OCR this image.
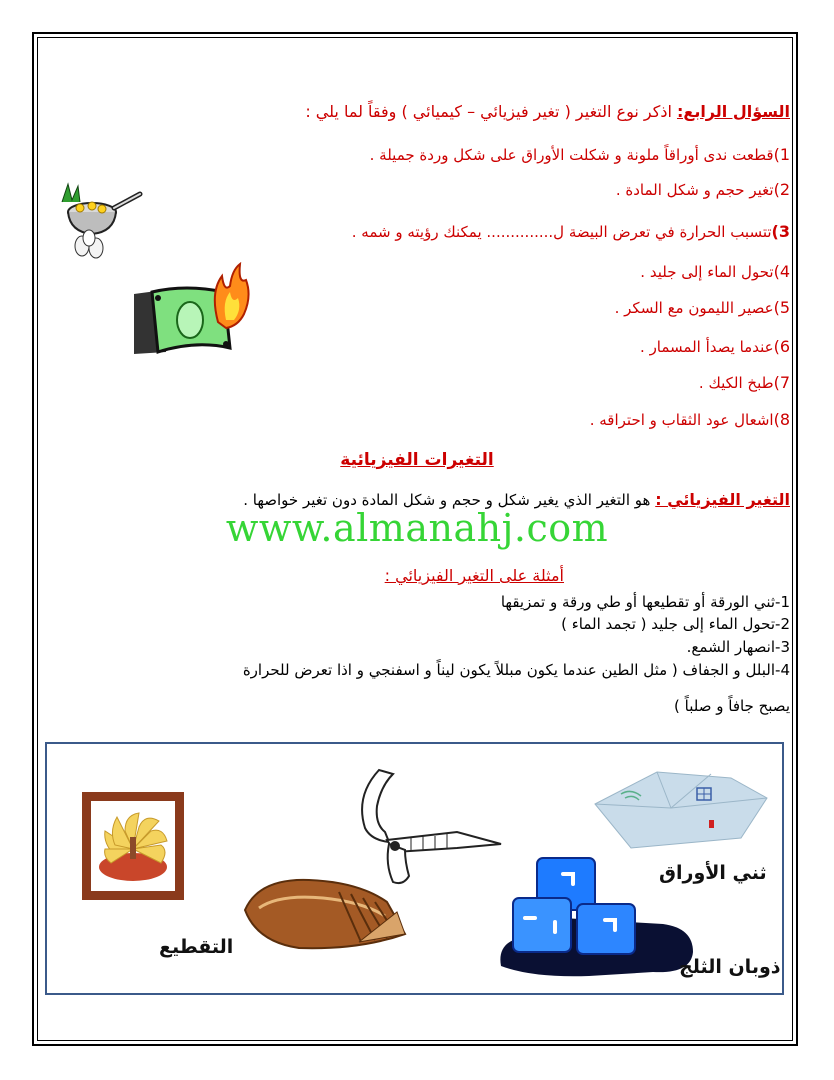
السؤال الرابع: اذكر نوع التغير ( تغير فيزيائي – كيميائي ) وفقاً لما يلي :
1)قطعت ندى أوراقاً ملونة و شكلت الأوراق على شكل وردة جميلة .
2)تغير حجم و شكل المادة .
3)تتسبب الحرارة في تعرض البيضة ل.............. يمكنك رؤيته و شمه .
4)تحول الماء إلى جليد .
5)عصير الليمون مع السكر .
6)عندما يصدأ المسمار .
7)طبخ الكيك .
8)اشعال عود الثقاب و احتراقه .
التغيرات الفيزيائية
التغير الفيزيائي : هو التغير الذي يغير شكل و حجم و شكل المادة دون تغير خواصها .
www.almanahj.com
أمثلة على التغير الفيزيائي :
1-ثني الورقة أو تقطيعها أو طي ورقة و تمزيقها
2-تحول الماء إلى جليد ( تجمد الماء )
3-انصهار الشمع.
4-البلل و الجفاف ( مثل الطين عندما يكون مبللاً يكون ليناً و اسفنجي و اذا تعرض للحرارة
يصبح جافاً و صلباً )
التقطيع
ثني الأوراق
ذوبان الثلج
